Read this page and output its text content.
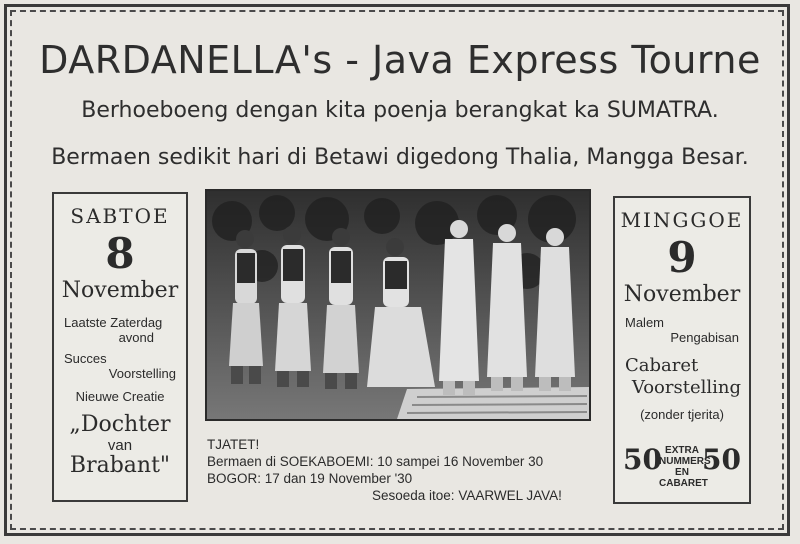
DARDANELLA's - Java Express Tourne
Berhoeboeng dengan kita poenja berangkat ka SUMATRA.
Bermaen sedikit hari di Betawi digedong Thalia, Mangga Besar.
SABTOE
8
November
Laatste Zaterdag
avond
Succes
Voorstelling
Nieuwe Creatie
„Dochter
van
Brabant"
TJATET!
Bermaen di SOEKABOEMI: 10 sampei 16 November 30
BOGOR: 17 dan 19 November '30
Sesoeda itoe: VAARWEL JAVA!
MINGGOE
9
November
Malem
Pengabisan
Cabaret
Voorstelling
(zonder tjerita)
50 50
EXTRA
NUMMERS
EN
CABARET
